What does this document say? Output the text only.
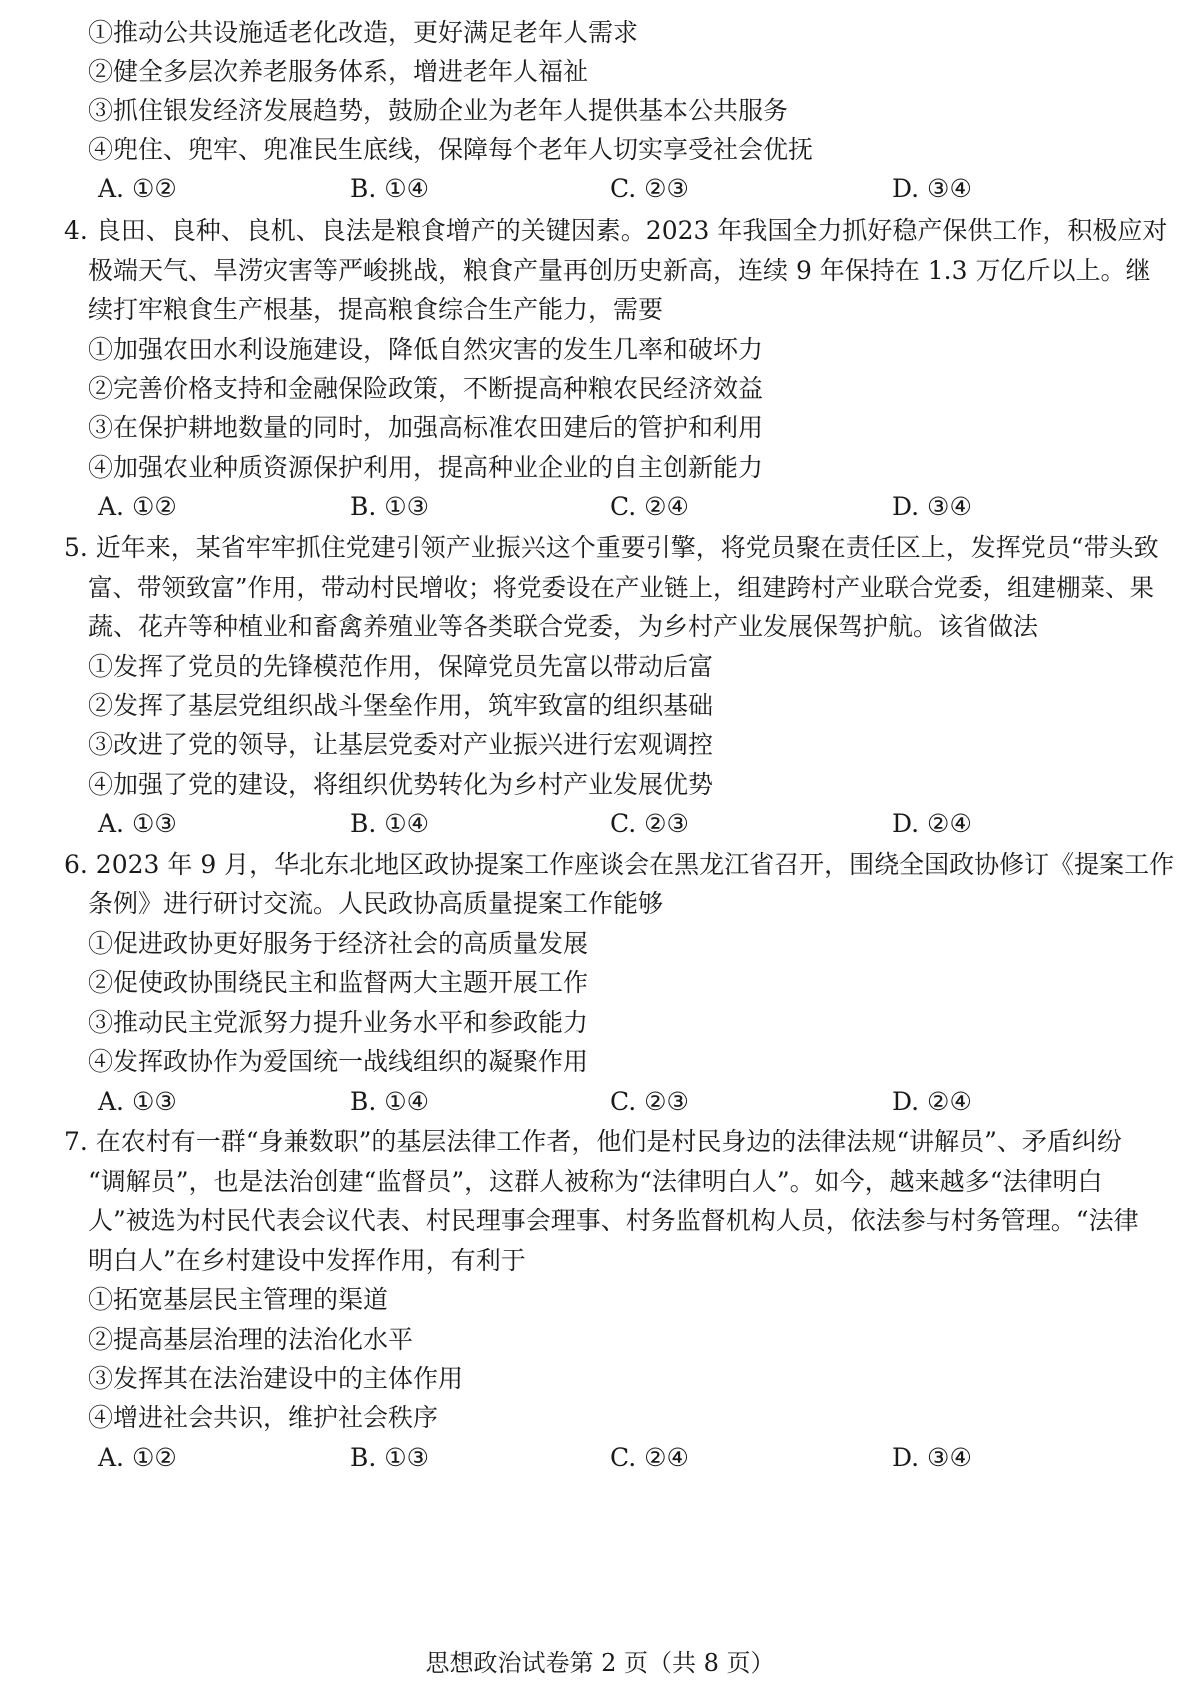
①推动公共设施适老化改造，更好满足老年人需求
②健全多层次养老服务体系，增进老年人福祉
③抓住银发经济发展趋势，鼓励企业为老年人提供基本公共服务
④兜住、兜牢、兜准民生底线，保障每个老年人切实享受社会优抚
A. ①②	B. ①④	C. ②③	D. ③④
4. 良田、良种、良机、良法是粮食增产的关键因素。2023 年我国全力抓好稳产保供工作，积极应对
极端天气、旱涝灾害等严峻挑战，粮食产量再创历史新高，连续 9 年保持在 1.3 万亿斤以上。继
续打牢粮食生产根基，提高粮食综合生产能力，需要
①加强农田水利设施建设，降低自然灾害的发生几率和破坏力
②完善价格支持和金融保险政策，不断提高种粮农民经济效益
③在保护耕地数量的同时，加强高标准农田建后的管护和利用
④加强农业种质资源保护利用，提高种业企业的自主创新能力
A. ①②	B. ①③	C. ②④	D. ③④
5. 近年来，某省牢牢抓住党建引领产业振兴这个重要引擎，将党员聚在责任区上，发挥党员“带头致
富、带领致富”作用，带动村民增收；将党委设在产业链上，组建跨村产业联合党委，组建棚菜、果
蔬、花卉等种植业和畜禽养殖业等各类联合党委，为乡村产业发展保驾护航。该省做法
①发挥了党员的先锋模范作用，保障党员先富以带动后富
②发挥了基层党组织战斗堡垒作用，筑牢致富的组织基础
③改进了党的领导，让基层党委对产业振兴进行宏观调控
④加强了党的建设，将组织优势转化为乡村产业发展优势
A. ①③	B. ①④	C. ②③	D. ②④
6. 2023 年 9 月，华北东北地区政协提案工作座谈会在黑龙江省召开，围绕全国政协修订《提案工作
条例》进行研讨交流。人民政协高质量提案工作能够
①促进政协更好服务于经济社会的高质量发展
②促使政协围绕民主和监督两大主题开展工作
③推动民主党派努力提升业务水平和参政能力
④发挥政协作为爱国统一战线组织的凝聚作用
A. ①③	B. ①④	C. ②③	D. ②④
7. 在农村有一群“身兼数职”的基层法律工作者，他们是村民身边的法律法规“讲解员”、矛盾纠纷
“调解员”，也是法治创建“监督员”，这群人被称为“法律明白人”。如今，越来越多“法律明白
人”被选为村民代表会议代表、村民理事会理事、村务监督机构人员，依法参与村务管理。“法律
明白人”在乡村建设中发挥作用，有利于
①拓宽基层民主管理的渠道
②提高基层治理的法治化水平
③发挥其在法治建设中的主体作用
④增进社会共识，维护社会秩序
A. ①②	B. ①③	C. ②④	D. ③④
思想政治试卷第 2 页（共 8 页）
